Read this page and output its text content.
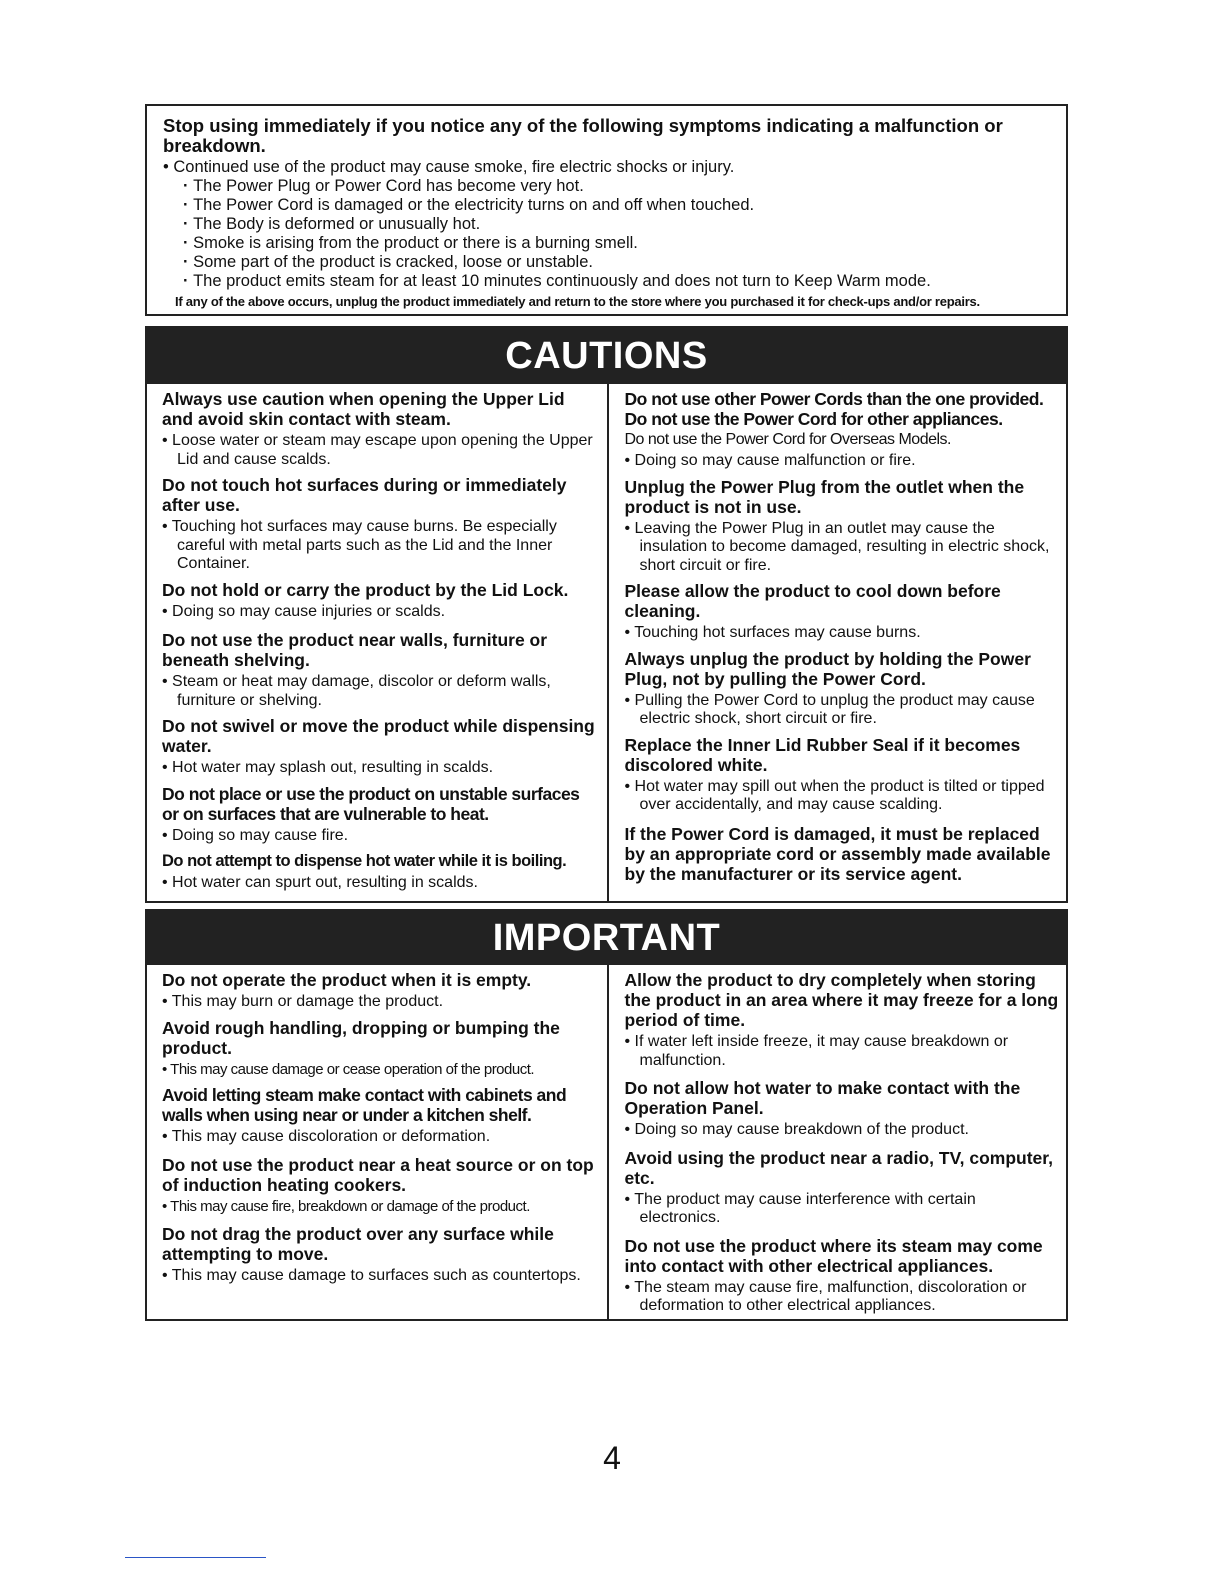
Stop using immediately if you notice any of the following symptoms indicating a malfunction or breakdown.
• Continued use of the product may cause smoke, fire electric shocks or injury.
· The Power Plug or Power Cord has become very hot.
· The Power Cord is damaged or the electricity turns on and off when touched.
· The Body is deformed or unusually hot.
· Smoke is arising from the product or there is a burning smell.
· Some part of the product is cracked, loose or unstable.
· The product emits steam for at least 10 minutes continuously and does not turn to Keep Warm mode.
If any of the above occurs, unplug the product immediately and return to the store where you purchased it for check-ups and/or repairs.
CAUTIONS
Always use caution when opening the Upper Lid and avoid skin contact with steam.
• Loose water or steam may escape upon opening the Upper Lid and cause scalds.
Do not touch hot surfaces during or immediately after use.
• Touching hot surfaces may cause burns. Be especially careful with metal parts such as the Lid and the Inner Container.
Do not hold or carry the product by the Lid Lock.
• Doing so may cause injuries or scalds.
Do not use the product near walls, furniture or beneath shelving.
• Steam or heat may damage, discolor or deform walls, furniture or shelving.
Do not swivel or move the product while dispensing water.
• Hot water may splash out, resulting in scalds.
Do not place or use the product on unstable surfaces or on surfaces that are vulnerable to heat.
• Doing so may cause fire.
Do not attempt to dispense hot water while it is boiling.
• Hot water can spurt out, resulting in scalds.
Do not use other Power Cords than the one provided.
Do not use the Power Cord for other appliances.
Do not use the Power Cord for Overseas Models.
• Doing so may cause malfunction or fire.
Unplug the Power Plug from the outlet when the product is not in use.
• Leaving the Power Plug in an outlet may cause the insulation to become damaged, resulting in electric shock, short circuit or fire.
Please allow the product to cool down before cleaning.
• Touching hot surfaces may cause burns.
Always unplug the product by holding the Power Plug, not by pulling the Power Cord.
• Pulling the Power Cord to unplug the product may cause electric shock, short circuit or fire.
Replace the Inner Lid Rubber Seal if it becomes discolored white.
• Hot water may spill out when the product is tilted or tipped over accidentally, and may cause scalding.
If the Power Cord is damaged, it must be replaced by an appropriate cord or assembly made available by the manufacturer or its service agent.
IMPORTANT
Do not operate the product when it is empty.
• This may burn or damage the product.
Avoid rough handling, dropping or bumping the product.
• This may cause damage or cease operation of the product.
Avoid letting steam make contact with cabinets and walls when using near or under a kitchen shelf.
• This may cause discoloration or deformation.
Do not use the product near a heat source or on top of induction heating cookers.
• This may cause fire, breakdown or damage of the product.
Do not drag the product over any surface while attempting to move.
• This may cause damage to surfaces such as countertops.
Allow the product to dry completely when storing the product in an area where it may freeze for a long period of time.
• If water left inside freeze, it may cause breakdown or malfunction.
Do not allow hot water to make contact with the Operation Panel.
• Doing so may cause breakdown of the product.
Avoid using the product near a radio, TV, computer, etc.
• The product may cause interference with certain electronics.
Do not use the product where its steam may come into contact with other electrical appliances.
• The steam may cause fire, malfunction, discoloration or deformation to other electrical appliances.
4
